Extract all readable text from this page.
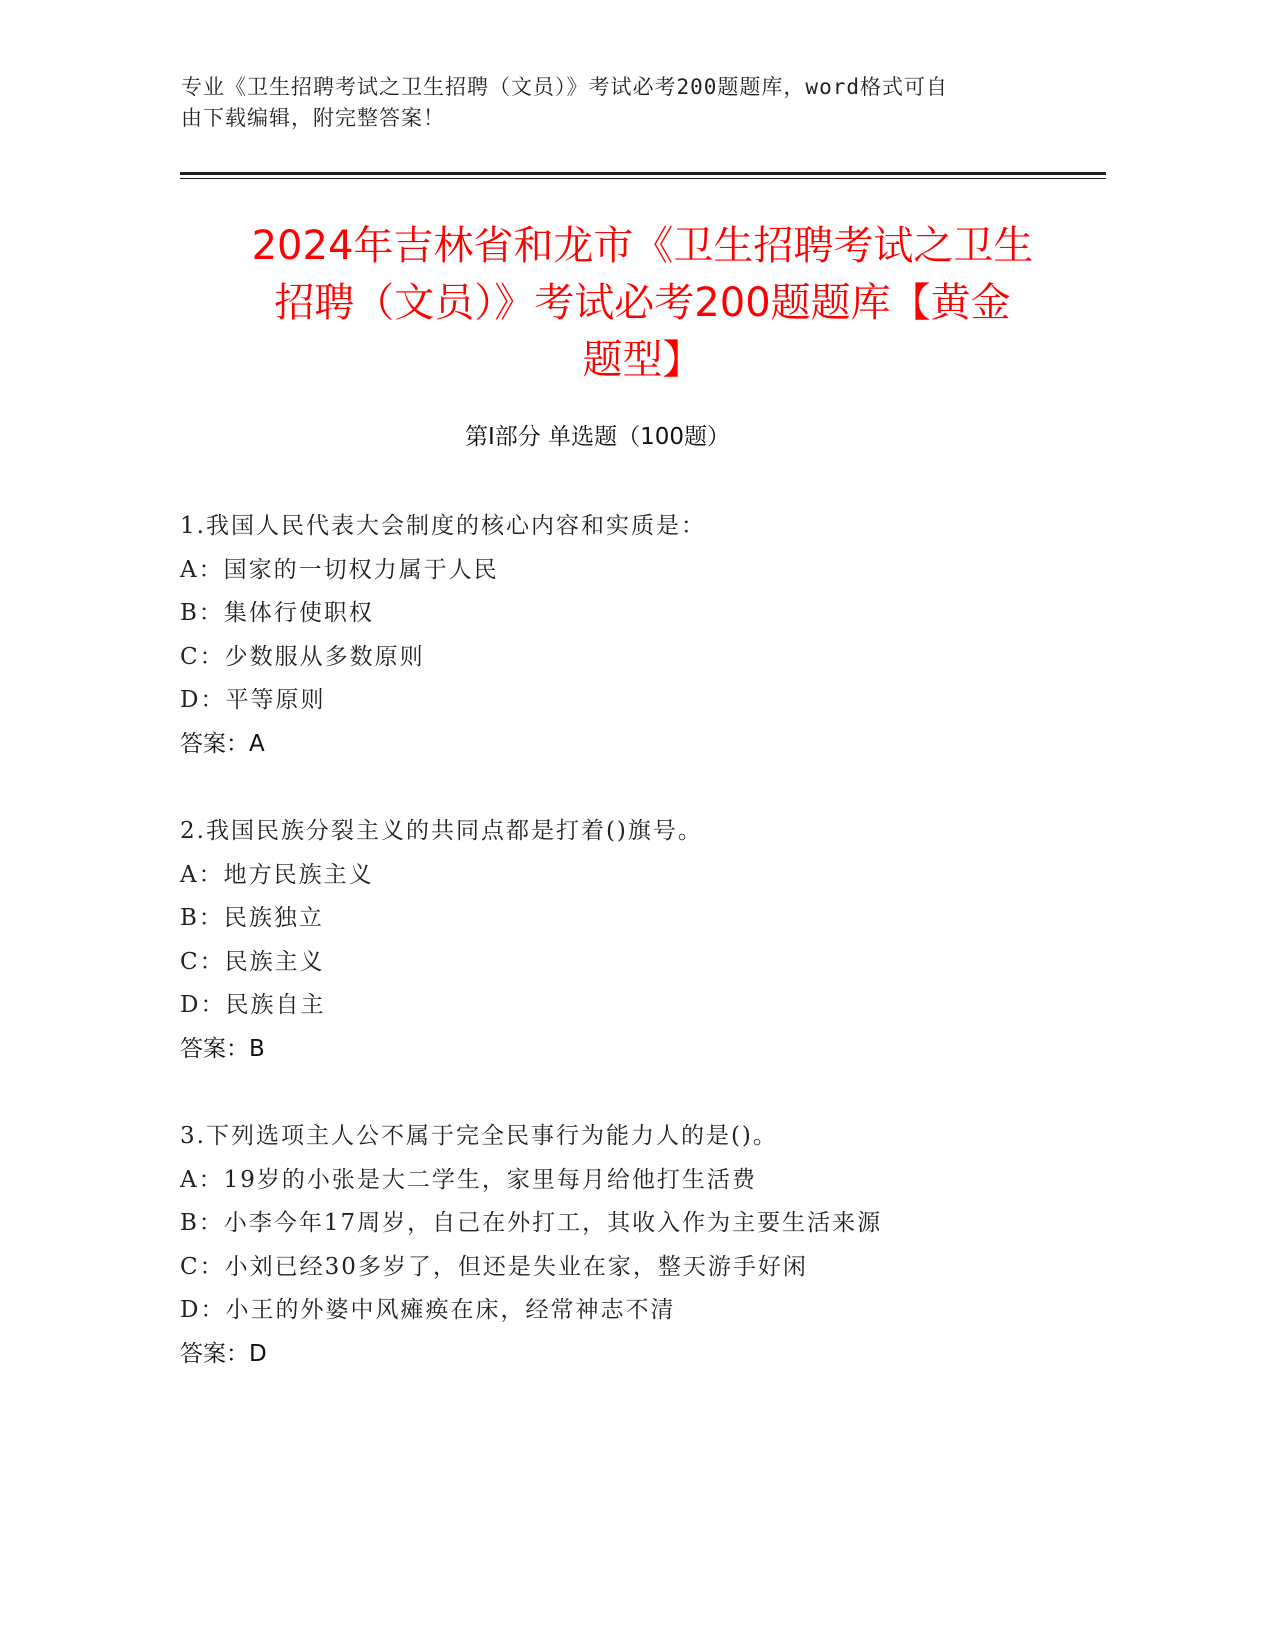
专业《卫生招聘考试之卫生招聘（文员）》考试必考200题题库，word格式可自
由下载编辑，附完整答案！
2024年吉林省和龙市《卫生招聘考试之卫生
招聘（文员）》考试必考200题题库【黄金
题型】
第Ⅰ部分 单选题（100题）
1.我国人民代表大会制度的核心内容和实质是：
A：国家的一切权力属于人民
B：集体行使职权
C：少数服从多数原则
D：平等原则
答案：A
2.我国民族分裂主义的共同点都是打着()旗号。
A：地方民族主义
B：民族独立
C：民族主义
D：民族自主
答案：B
3.下列选项主人公不属于完全民事行为能力人的是()。
A：19岁的小张是大二学生，家里每月给他打生活费
B：小李今年17周岁，自己在外打工，其收入作为主要生活来源
C：小刘已经30多岁了，但还是失业在家，整天游手好闲
D：小王的外婆中风瘫痪在床，经常神志不清
答案：D
